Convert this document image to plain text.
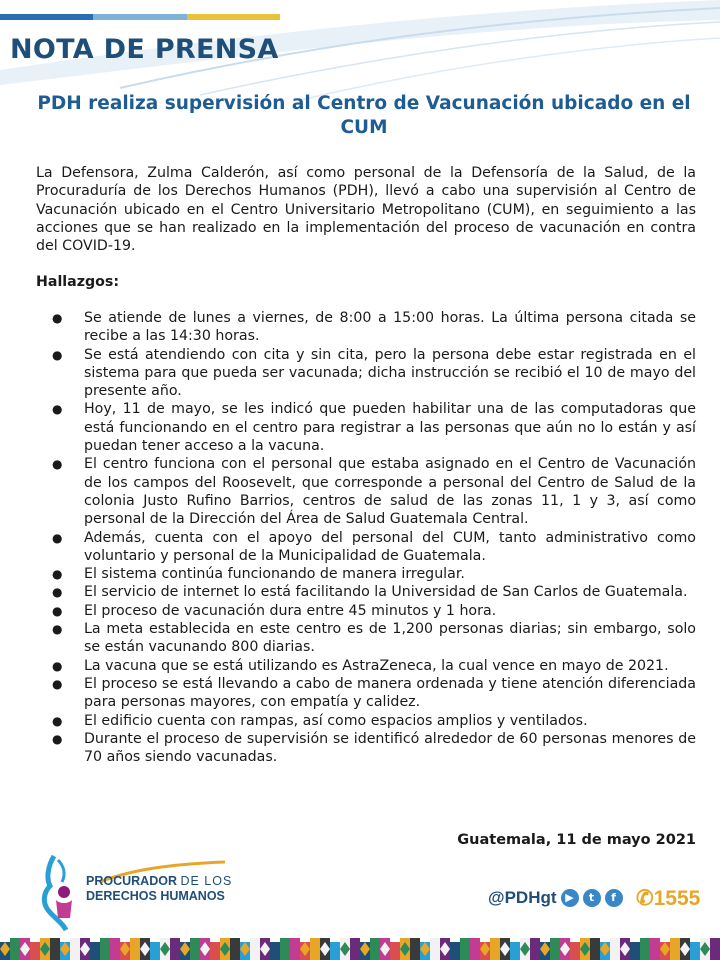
NOTA DE PRENSA
PDH realiza supervisión al Centro de Vacunación ubicado en el CUM
La Defensora, Zulma Calderón, así como personal de la Defensoría de la Salud, de la Procuraduría de los Derechos Humanos (PDH), llevó a cabo una supervisión al Centro de Vacunación ubicado en el Centro Universitario Metropolitano (CUM), en seguimiento a las acciones que se han realizado en la implementación del proceso de vacunación en contra del COVID-19.
Hallazgos:
● Se atiende de lunes a viernes, de 8:00 a 15:00 horas. La última persona citada se recibe a las 14:30 horas.
● Se está atendiendo con cita y sin cita, pero la persona debe estar registrada en el sistema para que pueda ser vacunada; dicha instrucción se recibió el 10 de mayo del presente año.
● Hoy, 11 de mayo, se les indicó que pueden habilitar una de las computadoras que está funcionando en el centro para registrar a las personas que aún no lo están y así puedan tener acceso a la vacuna.
● El centro funciona con el personal que estaba asignado en el Centro de Vacunación de los campos del Roosevelt, que corresponde a personal del Centro de Salud de la colonia Justo Rufino Barrios, centros de salud de las zonas 11, 1 y 3, así como personal de la Dirección del Área de Salud Guatemala Central.
● Además, cuenta con el apoyo del personal del CUM, tanto administrativo como voluntario y personal de la Municipalidad de Guatemala.
● El sistema continúa funcionando de manera irregular.
● El servicio de internet lo está facilitando la Universidad de San Carlos de Guatemala.
● El proceso de vacunación dura entre 45 minutos y 1 hora.
● La meta establecida en este centro es de 1,200 personas diarias; sin embargo, solo se están vacunando 800 diarias.
● La vacuna que se está utilizando es AstraZeneca, la cual vence en mayo de 2021.
● El proceso se está llevando a cabo de manera ordenada y tiene atención diferenciada para personas mayores, con empatía y calidez.
● El edificio cuenta con rampas, así como espacios amplios y ventilados.
● Durante el proceso de supervisión se identificó alrededor de 60 personas menores de 70 años siendo vacunadas.
Guatemala, 11 de mayo 2021
PROCURADOR DE LOS
DERECHOS HUMANOS	@PDHgt ▶	t	f ✆1555
